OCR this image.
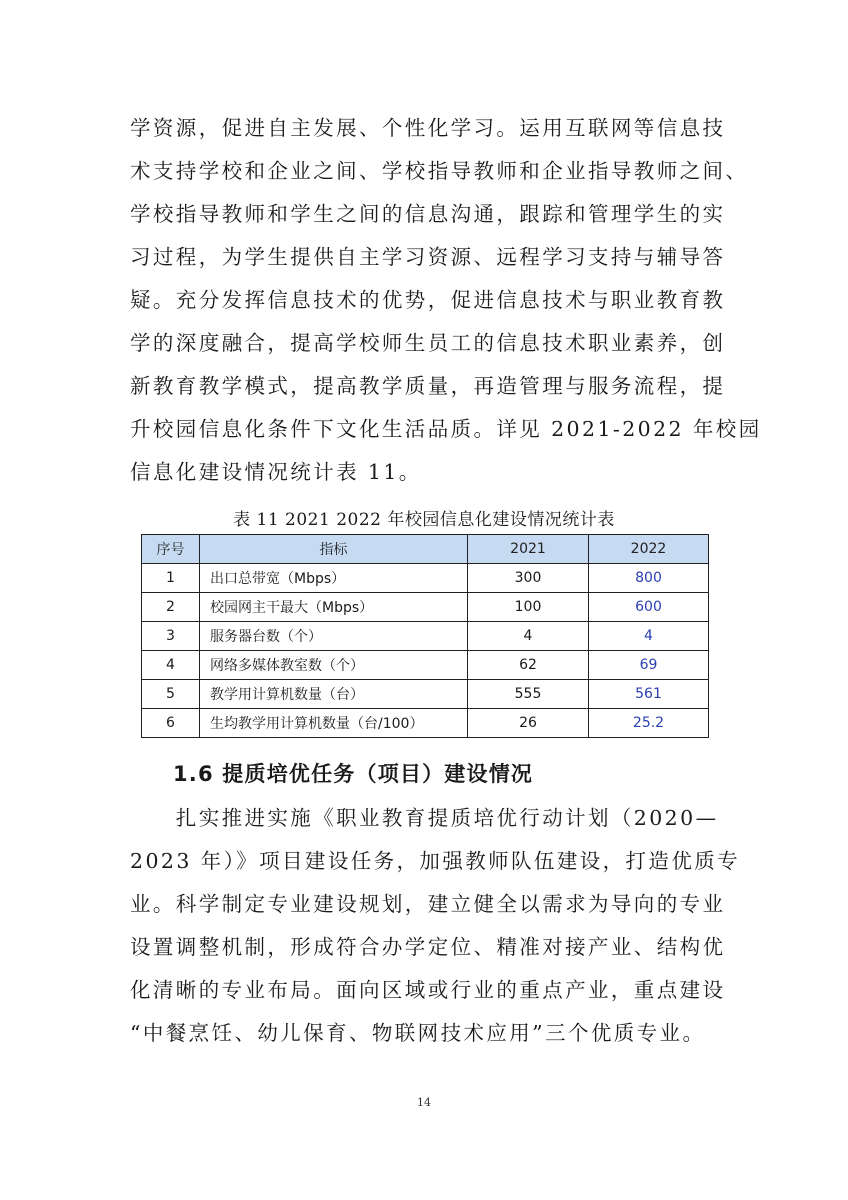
学资源，促进自主发展、个性化学习。运用互联网等信息技
术支持学校和企业之间、学校指导教师和企业指导教师之间、
学校指导教师和学生之间的信息沟通，跟踪和管理学生的实
习过程，为学生提供自主学习资源、远程学习支持与辅导答
疑。充分发挥信息技术的优势，促进信息技术与职业教育教
学的深度融合，提高学校师生员工的信息技术职业素养，创
新教育教学模式，提高教学质量，再造管理与服务流程，提
升校园信息化条件下文化生活品质。详见 2021-2022 年校园
信息化建设情况统计表 11。
表 11 2021 2022 年校园信息化建设情况统计表
序号	指标	2021	2022
1	出口总带宽（Mbps）	300	800
2	校园网主干最大（Mbps）	100	600
3	服务器台数（个）	4	4
4	网络多媒体教室数（个）	62	69
5	教学用计算机数量（台）	555	561
6	生均教学用计算机数量（台/100）	26	25.2
1.6 提质培优任务（项目）建设情况
　　扎实推进实施《职业教育提质培优行动计划（2020—
2023 年）》项目建设任务，加强教师队伍建设，打造优质专
业。科学制定专业建设规划，建立健全以需求为导向的专业
设置调整机制，形成符合办学定位、精准对接产业、结构优
化清晰的专业布局。面向区域或行业的重点产业，重点建设
“中餐烹饪、幼儿保育、物联网技术应用”三个优质专业。
14
